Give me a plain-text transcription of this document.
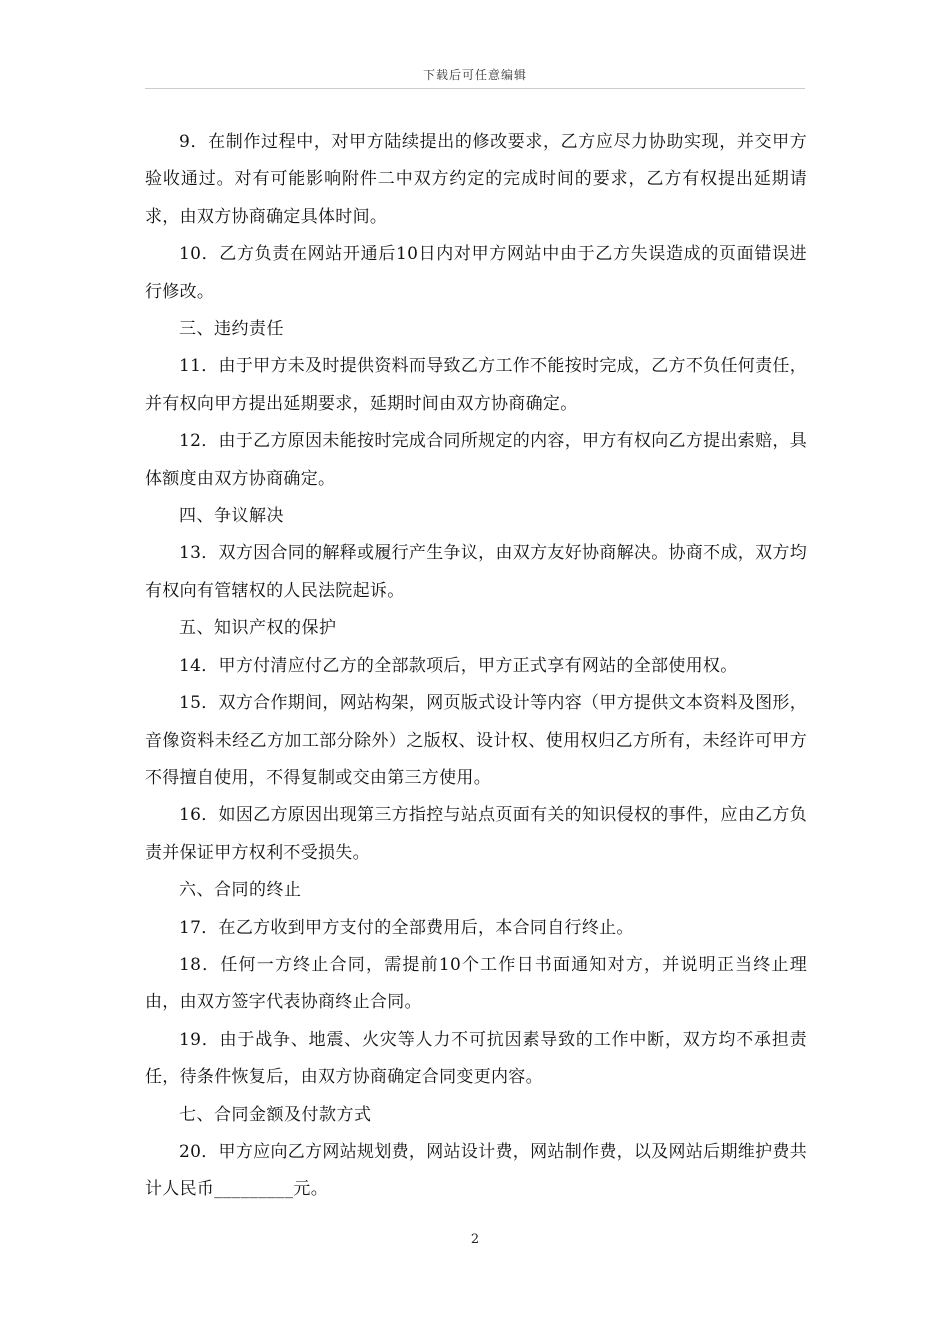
下载后可任意编辑

9．在制作过程中，对甲方陆续提出的修改要求，乙方应尽力协助实现，并交甲方验收通过。对有可能影响附件二中双方约定的完成时间的要求，乙方有权提出延期请求，由双方协商确定具体时间。

10．乙方负责在网站开通后10日内对甲方网站中由于乙方失误造成的页面错误进行修改。

三、违约责任

11．由于甲方未及时提供资料而导致乙方工作不能按时完成，乙方不负任何责任，并有权向甲方提出延期要求，延期时间由双方协商确定。

12．由于乙方原因未能按时完成合同所规定的内容，甲方有权向乙方提出索赔，具体额度由双方协商确定。

四、争议解决

13．双方因合同的解释或履行产生争议，由双方友好协商解决。协商不成，双方均有权向有管辖权的人民法院起诉。

五、知识产权的保护

14．甲方付清应付乙方的全部款项后，甲方正式享有网站的全部使用权。

15．双方合作期间，网站构架，网页版式设计等内容（甲方提供文本资料及图形，音像资料未经乙方加工部分除外）之版权、设计权、使用权归乙方所有，未经许可甲方不得擅自使用，不得复制或交由第三方使用。

16．如因乙方原因出现第三方指控与站点页面有关的知识侵权的事件，应由乙方负责并保证甲方权利不受损失。

六、合同的终止

17．在乙方收到甲方支付的全部费用后，本合同自行终止。

18．任何一方终止合同，需提前10个工作日书面通知对方，并说明正当终止理由，由双方签字代表协商终止合同。

19．由于战争、地震、火灾等人力不可抗因素导致的工作中断，双方均不承担责任，待条件恢复后，由双方协商确定合同变更内容。

七、合同金额及付款方式

20．甲方应向乙方网站规划费，网站设计费，网站制作费，以及网站后期维护费共计人民币_________元。

2
